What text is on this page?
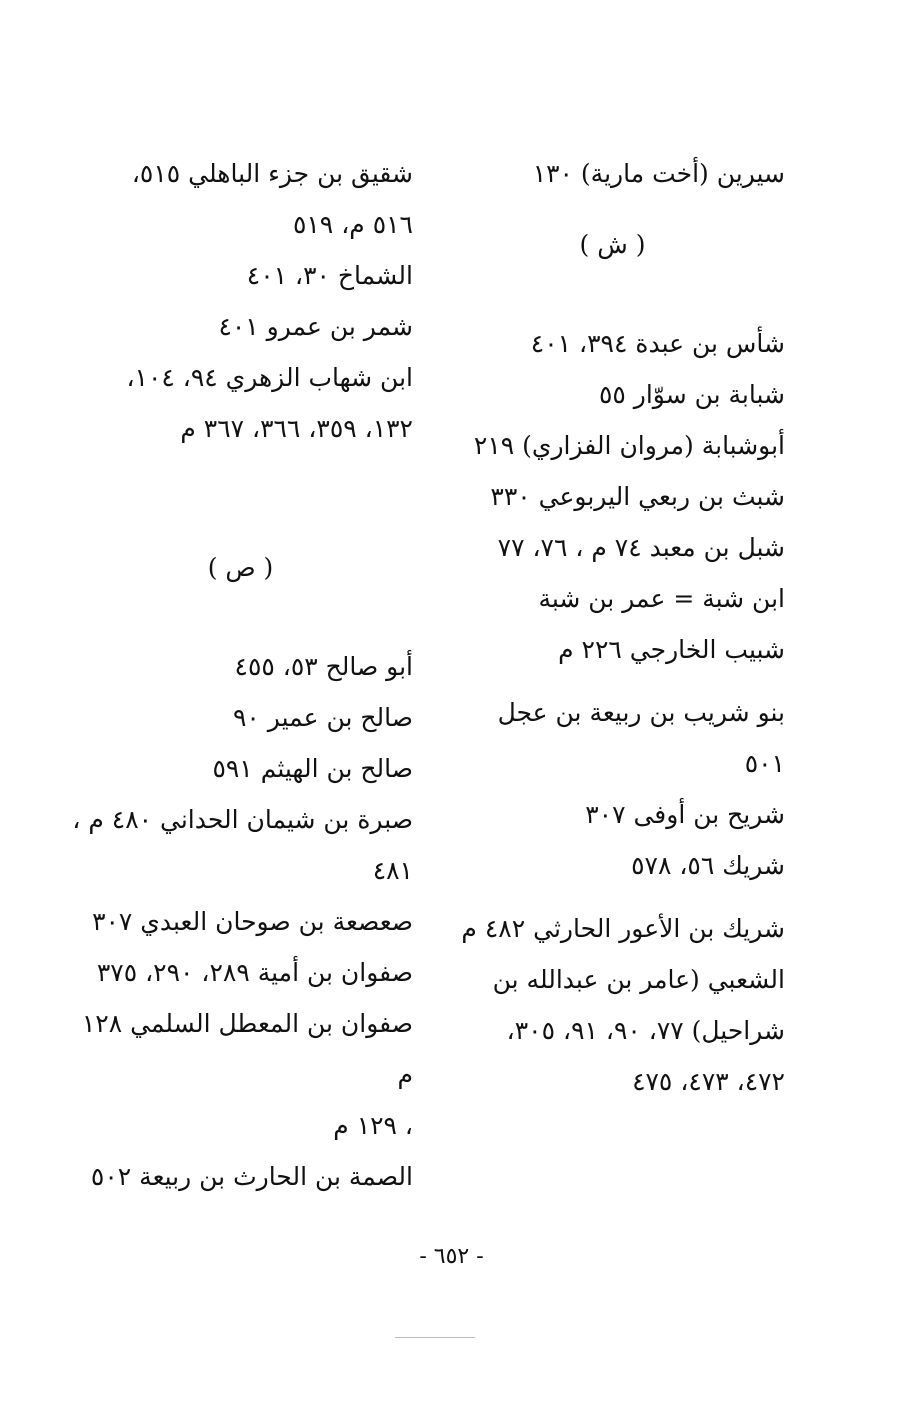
سيرين (أخت مارية) ١٣٠

( ش )

شأس بن عبدة ٣٩٤، ٤٠١

شبابة بن سوّار ٥٥

أبوشبابة (مروان الفزاري) ٢١٩

شبث بن ربعي اليربوعي ٣٣٠

شبل بن معبد ٧٤ م ، ٧٦، ٧٧

ابن شبة = عمر بن شبة

شبيب الخارجي ٢٢٦ م

بنو شريب بن ربيعة بن عجل

٥٠١

شريح بن أوفى ٣٠٧

شريك ٥٦، ٥٧٨

شريك بن الأعور الحارثي ٤٨٢ م

الشعبي (عامر بن عبدالله بن

شراحيل) ٧٧، ٩٠، ٩١، ٣٠٥،

٤٧٢، ٤٧٣، ٤٧٥

شقيق بن جزء الباهلي ٥١٥،

٥١٦ م، ٥١٩

الشماخ ٣٠، ٤٠١

شمر بن عمرو ٤٠١

ابن شهاب الزهري ٩٤، ١٠٤،

١٣٢، ٣٥٩، ٣٦٦، ٣٦٧ م

( ص )

أبو صالح ٥٣، ٤٥٥

صالح بن عمير ٩٠

صالح بن الهيثم ٥٩١

صبرة بن شيمان الحداني ٤٨٠ م ،

٤٨١

صعصعة بن صوحان العبدي ٣٠٧

صفوان بن أمية ٢٨٩، ٢٩٠، ٣٧٥

صفوان بن المعطل السلمي ١٢٨ م

، ١٢٩ م

الصمة بن الحارث بن ربيعة ٥٠٢

- ٦٥٢ -
